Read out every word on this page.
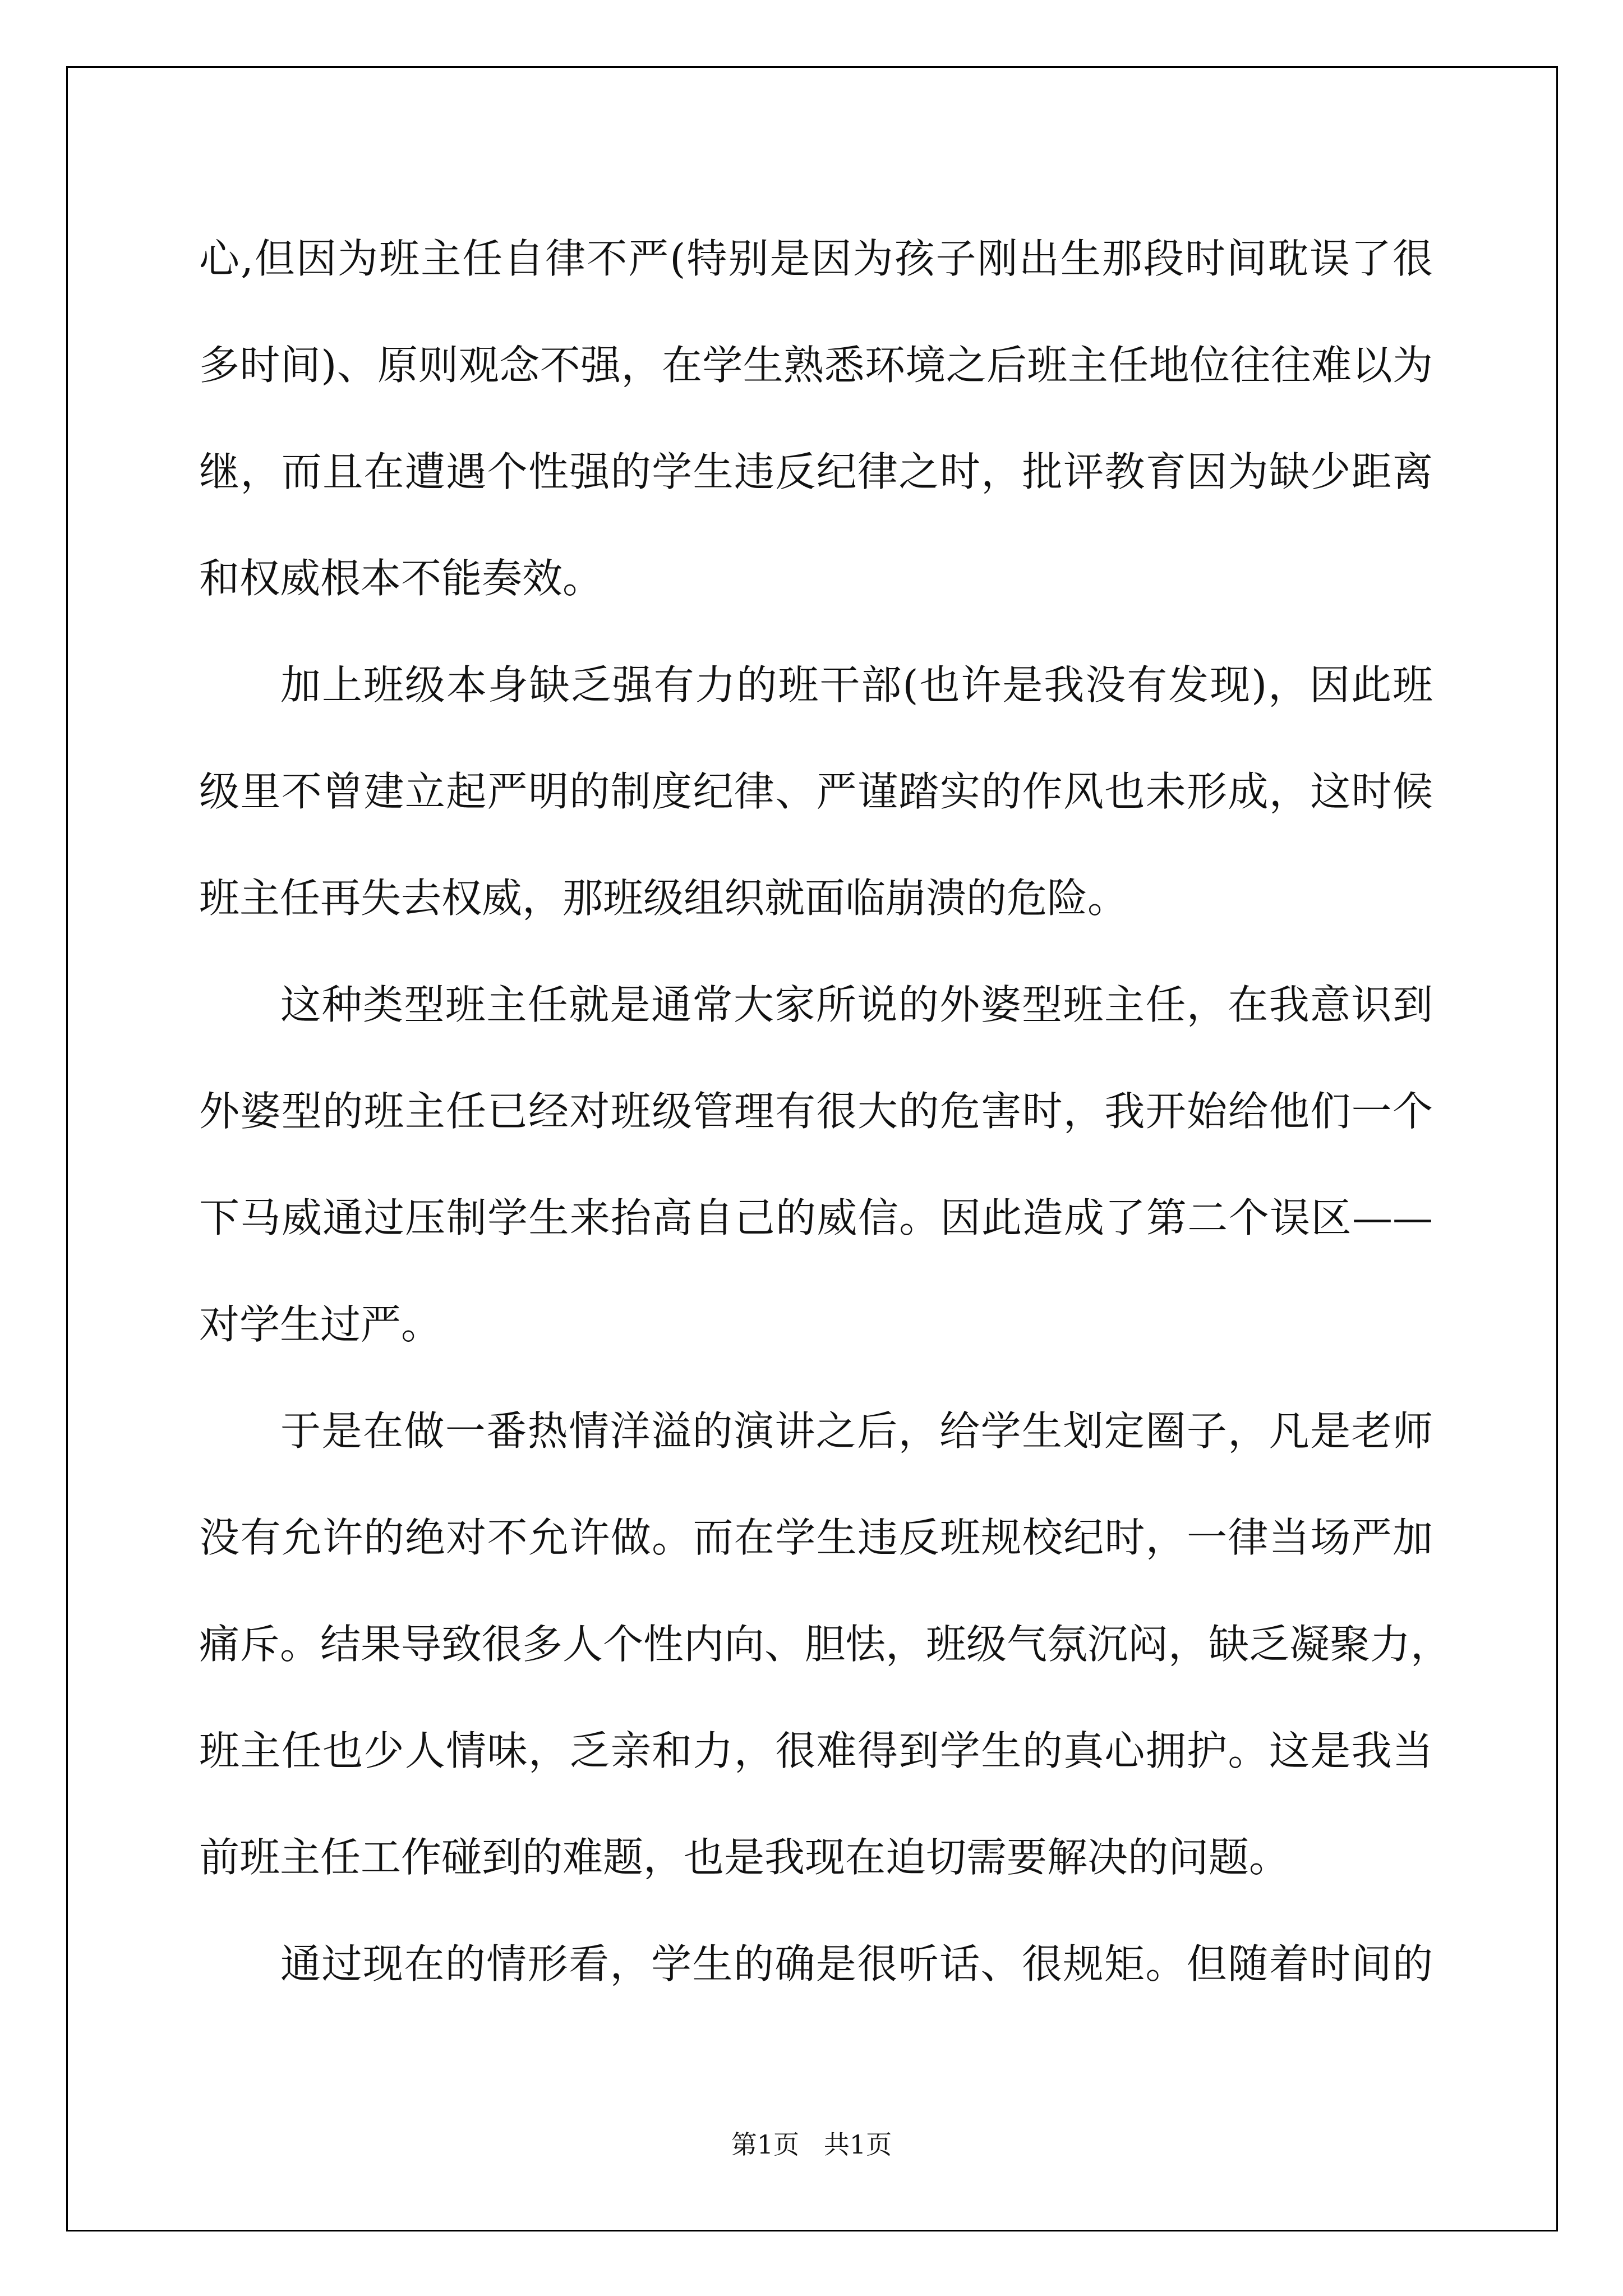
心,但因为班主任自律不严(特别是因为孩子刚出生那段时间耽误了很

多时间)、原则观念不强，在学生熟悉环境之后班主任地位往往难以为

继，而且在遭遇个性强的学生违反纪律之时，批评教育因为缺少距离

和权威根本不能奏效。

加上班级本身缺乏强有力的班干部(也许是我没有发现)，因此班

级里不曾建立起严明的制度纪律、严谨踏实的作风也未形成，这时候

班主任再失去权威，那班级组织就面临崩溃的危险。

这种类型班主任就是通常大家所说的外婆型班主任，在我意识到

外婆型的班主任已经对班级管理有很大的危害时，我开始给他们一个

下马威通过压制学生来抬高自己的威信。因此造成了第二个误区——

对学生过严。

于是在做一番热情洋溢的演讲之后，给学生划定圈子，凡是老师

没有允许的绝对不允许做。而在学生违反班规校纪时，一律当场严加

痛斥。结果导致很多人个性内向、胆怯，班级气氛沉闷，缺乏凝聚力，

班主任也少人情味，乏亲和力，很难得到学生的真心拥护。这是我当

前班主任工作碰到的难题，也是我现在迫切需要解决的问题。

通过现在的情形看，学生的确是很听话、很规矩。但随着时间的

第1页   共1页
